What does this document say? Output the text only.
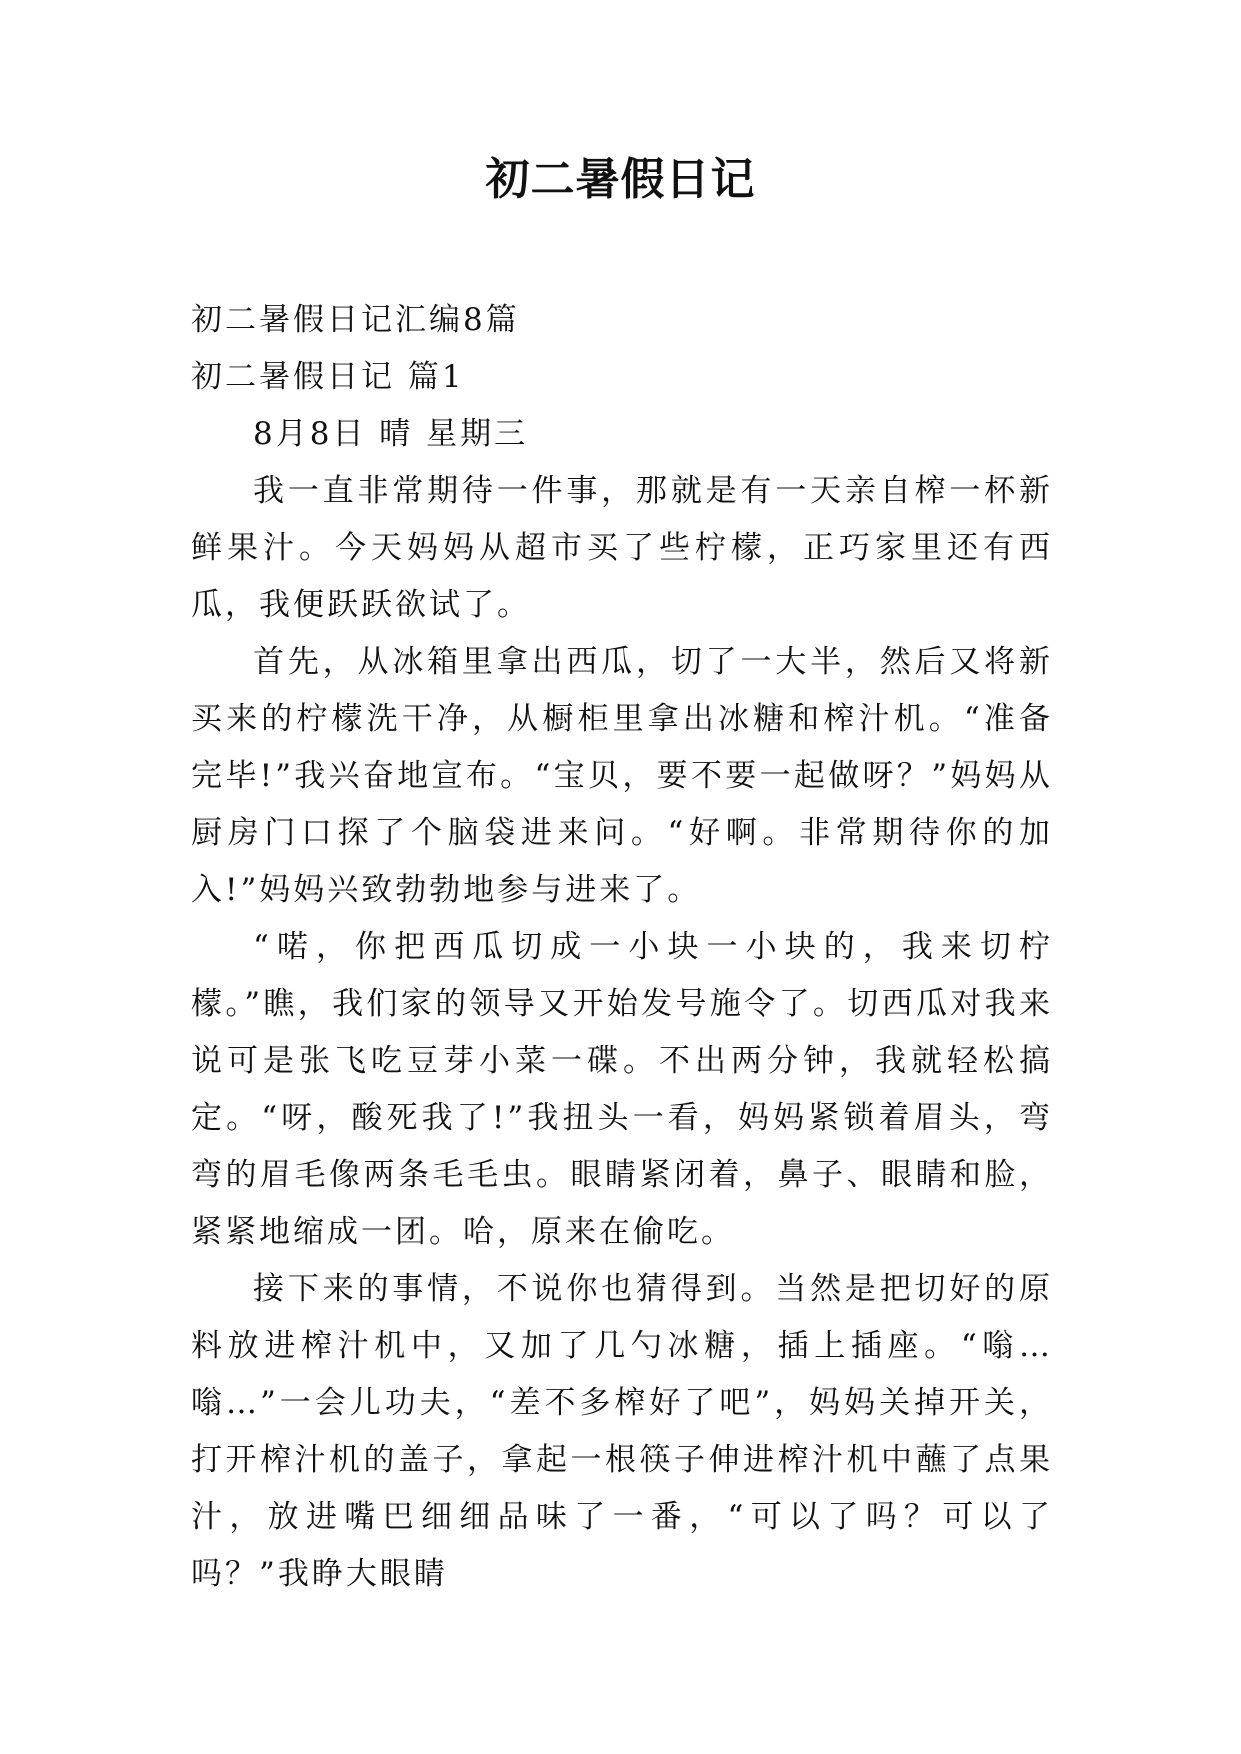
初二暑假日记

初二暑假日记汇编8篇

初二暑假日记 篇1

8月8日 晴 星期三

我一直非常期待一件事，那就是有一天亲自榨一杯新鲜果汁。今天妈妈从超市买了些柠檬，正巧家里还有西瓜，我便跃跃欲试了。

首先，从冰箱里拿出西瓜，切了一大半，然后又将新买来的柠檬洗干净，从橱柜里拿出冰糖和榨汁机。“准备完毕!”我兴奋地宣布。“宝贝，要不要一起做呀？”妈妈从厨房门口探了个脑袋进来问。“好啊。非常期待你的加入!”妈妈兴致勃勃地参与进来了。

“喏，你把西瓜切成一小块一小块的，我来切柠檬。”瞧，我们家的领导又开始发号施令了。切西瓜对我来说可是张飞吃豆芽小菜一碟。不出两分钟，我就轻松搞定。“呀，酸死我了!”我扭头一看，妈妈紧锁着眉头，弯弯的眉毛像两条毛毛虫。眼睛紧闭着，鼻子、眼睛和脸，紧紧地缩成一团。哈，原来在偷吃。

接下来的事情，不说你也猜得到。当然是把切好的原料放进榨汁机中，又加了几勺冰糖，插上插座。“嗡…嗡…”一会儿功夫，“差不多榨好了吧”，妈妈关掉开关，打开榨汁机的盖子，拿起一根筷子伸进榨汁机中蘸了点果汁，放进嘴巴细细品味了一番，“可以了吗？可以了吗？”我睁大眼睛
